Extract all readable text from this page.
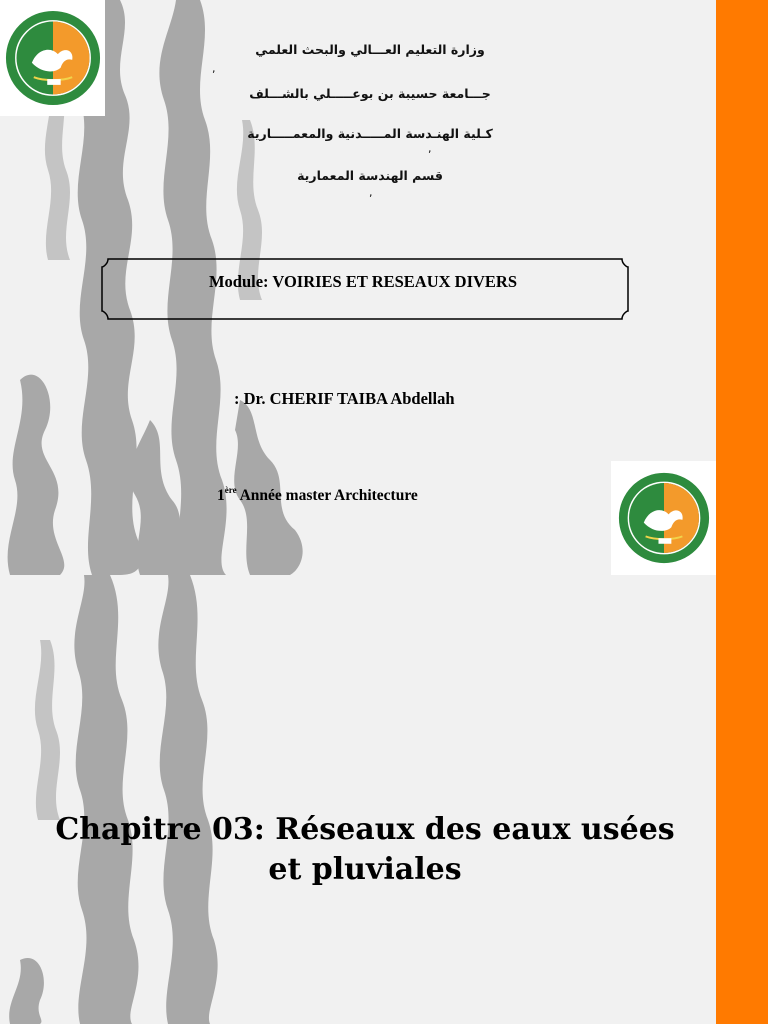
وزارة التعليم العـــالي والبحث العلمي
جـــامعة حسيبة بن بوعـــــلي بالشـــلف
كـلية الهنـدسة المـــــدنية والمعمـــــارية
قسم الهندسة المعمارية
,
,
,
Module: VOIRIES ET RESEAUX DIVERS
: Dr. CHERIF TAIBA Abdellah
1ère Année master Architecture
Chapitre 03: Réseaux des eaux usées
et pluviales
